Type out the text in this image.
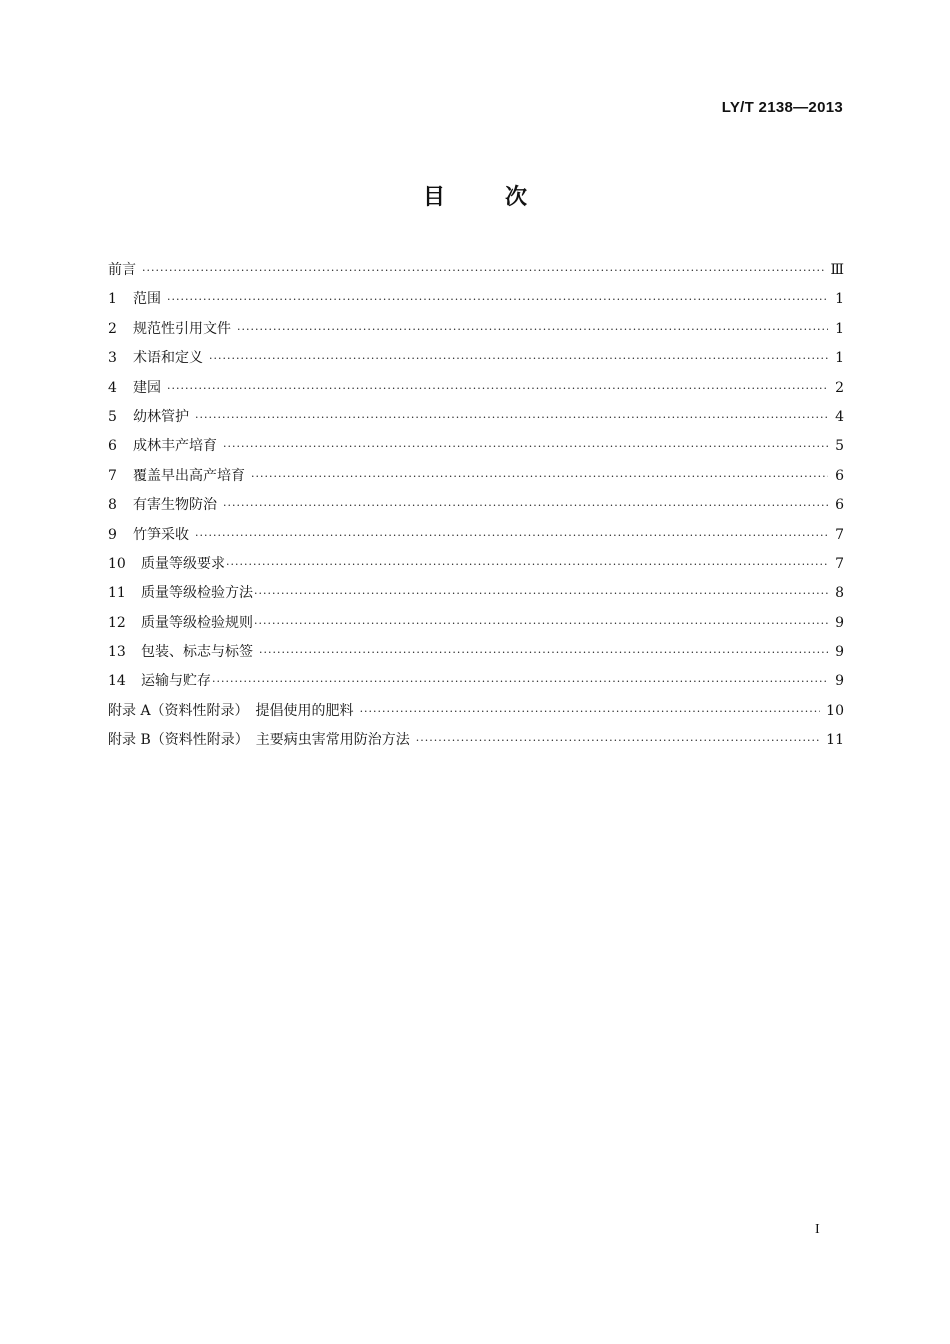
LY/T 2138—2013
目	次
前言 ·····	Ⅲ
1 范围 ·····	1
2 规范性引用文件 ·····	1
3 术语和定义 ·····	1
4 建园 ·····	2
5 幼林管护 ·····	4
6 成林丰产培育 ·····	5
7 覆盖早出高产培育 ·····	6
8 有害生物防治 ·····	6
9 竹笋采收 ·····	7
10 质量等级要求 ·····	7
11 质量等级检验方法 ·····	8
12 质量等级检验规则 ·····	9
13 包装、标志与标签 ·····	9
14 运输与贮存 ·····	9
附录 A（资料性附录）　提倡使用的肥料 ·····	10
附录 B（资料性附录）　主要病虫害常用防治方法 ·····	11
I
